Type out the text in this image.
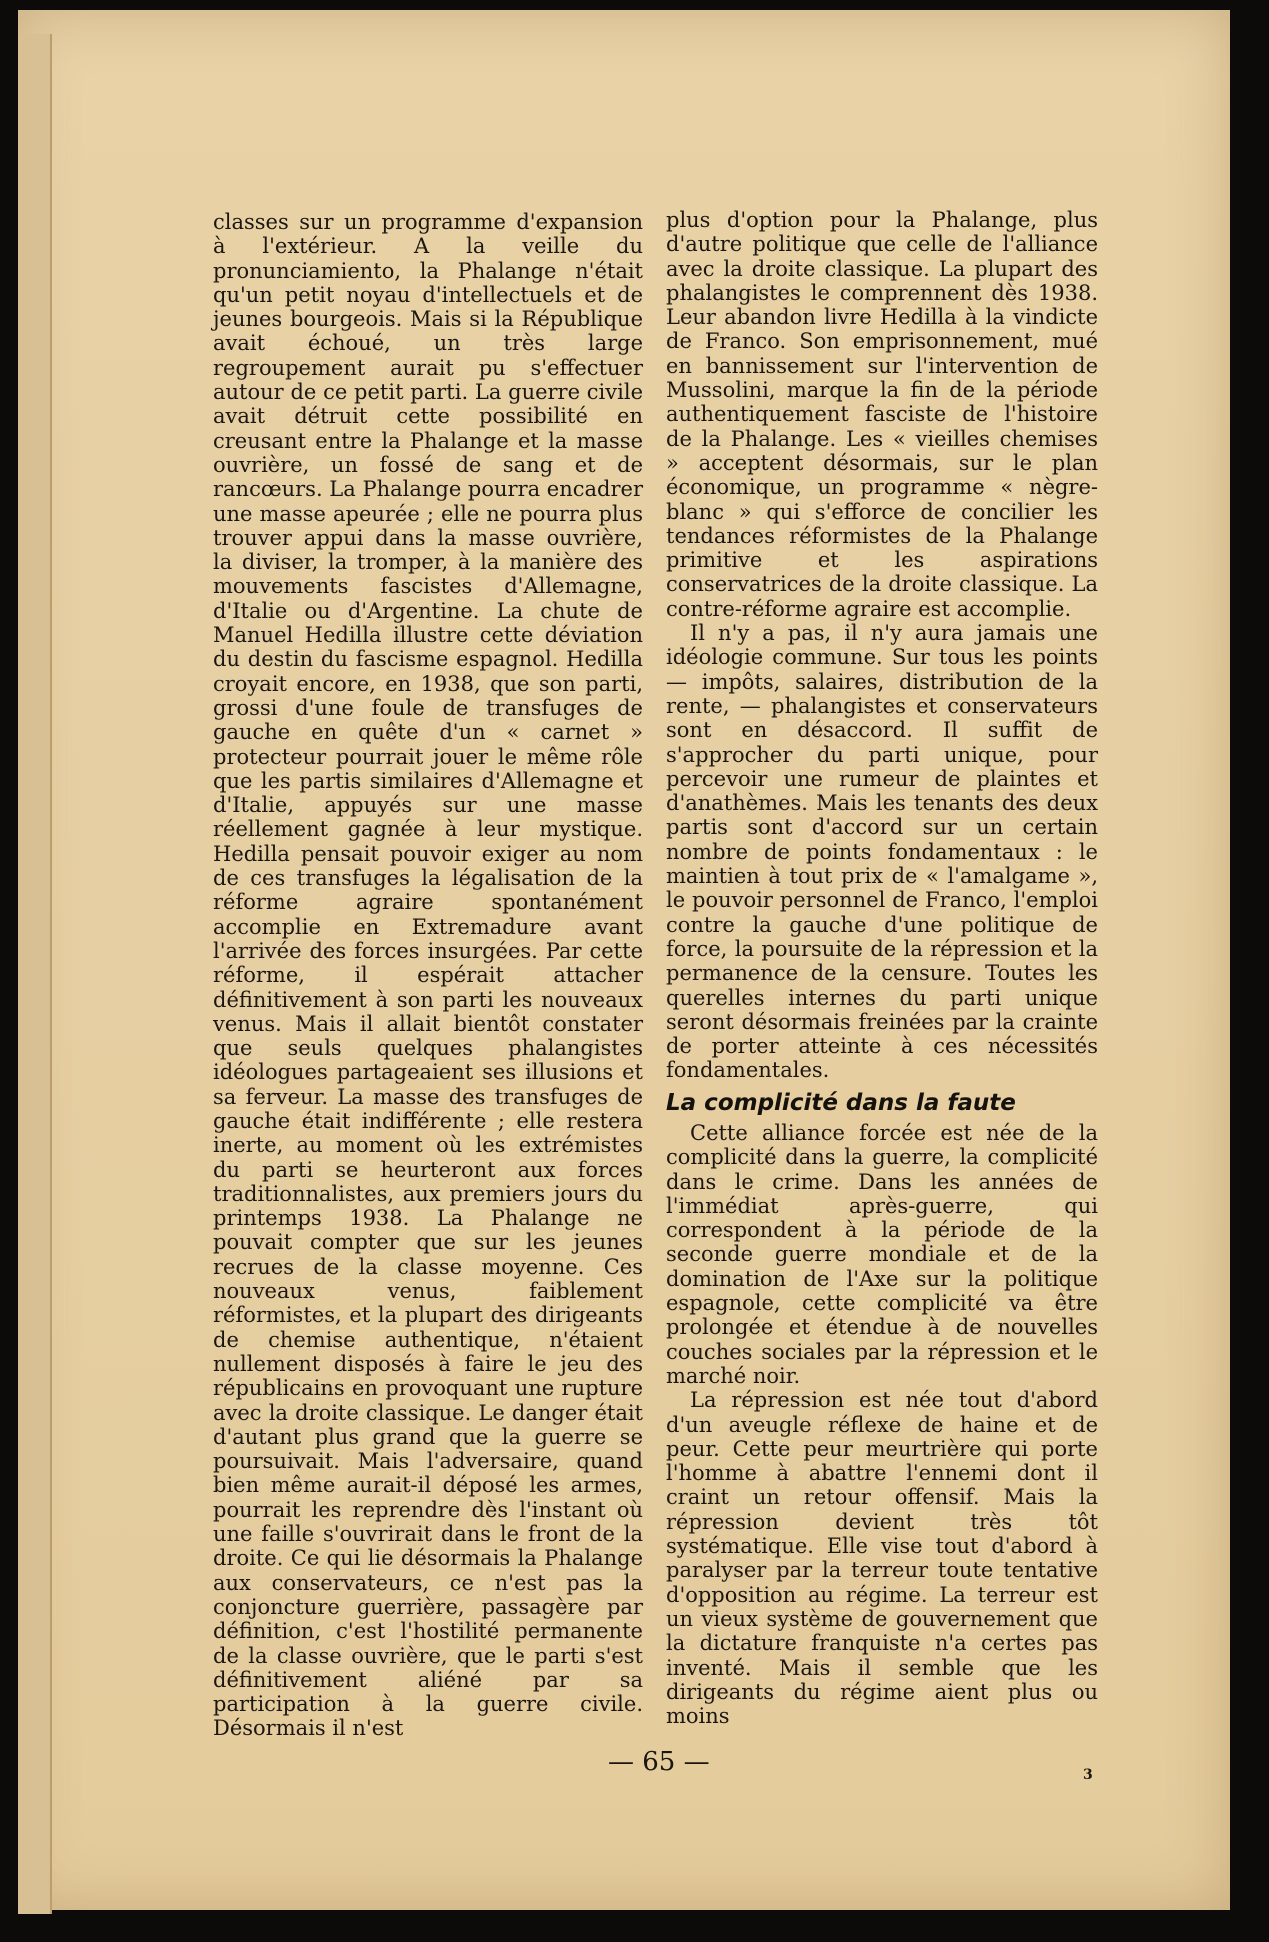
classes sur un programme d'expansion à l'extérieur. A la veille du pronunciamiento, la Phalange n'était qu'un petit noyau d'intellectuels et de jeunes bourgeois. Mais si la République avait échoué, un très large regroupement aurait pu s'effectuer autour de ce petit parti. La guerre civile avait détruit cette possibilité en creusant entre la Phalange et la masse ouvrière, un fossé de sang et de rancœurs. La Phalange pourra encadrer une masse apeurée ; elle ne pourra plus trouver appui dans la masse ouvrière, la diviser, la tromper, à la manière des mouvements fascistes d'Allemagne, d'Italie ou d'Argentine. La chute de Manuel Hedilla illustre cette déviation du destin du fascisme espagnol. Hedilla croyait encore, en 1938, que son parti, grossi d'une foule de transfuges de gauche en quête d'un « carnet » protecteur pourrait jouer le même rôle que les partis similaires d'Allemagne et d'Italie, appuyés sur une masse réellement gagnée à leur mystique. Hedilla pensait pouvoir exiger au nom de ces transfuges la légalisation de la réforme agraire spontanément accomplie en Extremadure avant l'arrivée des forces insurgées. Par cette réforme, il espérait attacher définitivement à son parti les nouveaux venus. Mais il allait bientôt constater que seuls quelques phalangistes idéologues partageaient ses illusions et sa ferveur. La masse des transfuges de gauche était indifférente ; elle restera inerte, au moment où les extrémistes du parti se heurteront aux forces traditionnalistes, aux premiers jours du printemps 1938. La Phalange ne pouvait compter que sur les jeunes recrues de la classe moyenne. Ces nouveaux venus, faiblement réformistes, et la plupart des dirigeants de chemise authentique, n'étaient nullement disposés à faire le jeu des républicains en provoquant une rupture avec la droite classique. Le danger était d'autant plus grand que la guerre se poursuivait. Mais l'adversaire, quand bien même aurait-il déposé les armes, pourrait les reprendre dès l'instant où une faille s'ouvrirait dans le front de la droite. Ce qui lie désormais la Phalange aux conservateurs, ce n'est pas la conjoncture guerrière, passagère par définition, c'est l'hostilité permanente de la classe ouvrière, que le parti s'est définitivement aliéné par sa participation à la guerre civile. Désormais il n'est

plus d'option pour la Phalange, plus d'autre politique que celle de l'alliance avec la droite classique. La plupart des phalangistes le comprennent dès 1938. Leur abandon livre Hedilla à la vindicte de Franco. Son emprisonnement, mué en bannissement sur l'intervention de Mussolini, marque la fin de la période authentiquement fasciste de l'histoire de la Phalange. Les « vieilles chemises » acceptent désormais, sur le plan économique, un programme « nègre-blanc » qui s'efforce de concilier les tendances réformistes de la Phalange primitive et les aspirations conservatrices de la droite classique. La contre-réforme agraire est accomplie.

Il n'y a pas, il n'y aura jamais une idéologie commune. Sur tous les points — impôts, salaires, distribution de la rente, — phalangistes et conservateurs sont en désaccord. Il suffit de s'approcher du parti unique, pour percevoir une rumeur de plaintes et d'anathèmes. Mais les tenants des deux partis sont d'accord sur un certain nombre de points fondamentaux : le maintien à tout prix de « l'amalgame », le pouvoir personnel de Franco, l'emploi contre la gauche d'une politique de force, la poursuite de la répression et la permanence de la censure. Toutes les querelles internes du parti unique seront désormais freinées par la crainte de porter atteinte à ces nécessités fondamentales.

La complicité dans la faute

Cette alliance forcée est née de la complicité dans la guerre, la complicité dans le crime. Dans les années de l'immédiat après-guerre, qui correspondent à la période de la seconde guerre mondiale et de la domination de l'Axe sur la politique espagnole, cette complicité va être prolongée et étendue à de nouvelles couches sociales par la répression et le marché noir.

La répression est née tout d'abord d'un aveugle réflexe de haine et de peur. Cette peur meurtrière qui porte l'homme à abattre l'ennemi dont il craint un retour offensif. Mais la répression devient très tôt systématique. Elle vise tout d'abord à paralyser par la terreur toute tentative d'opposition au régime. La terreur est un vieux système de gouvernement que la dictature franquiste n'a certes pas inventé. Mais il semble que les dirigeants du régime aient plus ou moins

— 65 —	3
